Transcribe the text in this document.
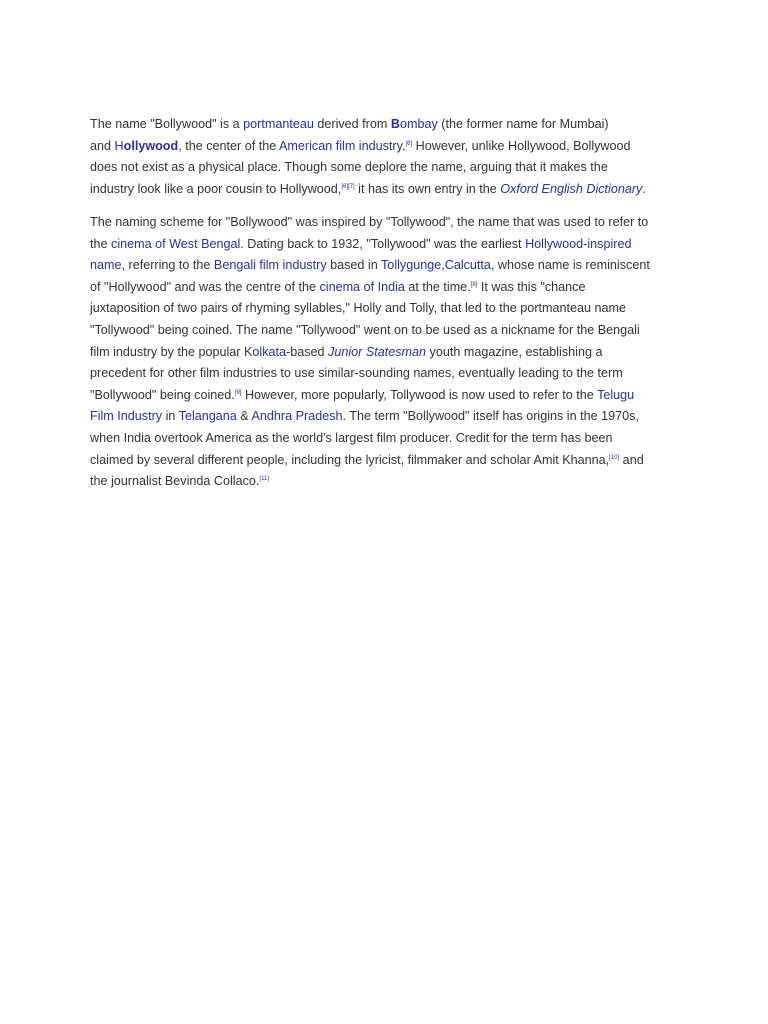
The name "Bollywood" is a portmanteau derived from Bombay (the former name for Mumbai)
and Hollywood, the center of the American film industry.[6] However, unlike Hollywood, Bollywood
does not exist as a physical place. Though some deplore the name, arguing that it makes the
industry look like a poor cousin to Hollywood,[6][7] it has its own entry in the Oxford English Dictionary.

The naming scheme for "Bollywood" was inspired by "Tollywood", the name that was used to refer to
the cinema of West Bengal. Dating back to 1932, "Tollywood" was the earliest Hollywood-inspired
name, referring to the Bengali film industry based in Tollygunge,Calcutta, whose name is reminiscent
of "Hollywood" and was the centre of the cinema of India at the time.[8] It was this "chance
juxtaposition of two pairs of rhyming syllables," Holly and Tolly, that led to the portmanteau name
"Tollywood" being coined. The name "Tollywood" went on to be used as a nickname for the Bengali
film industry by the popular Kolkata-based Junior Statesman youth magazine, establishing a
precedent for other film industries to use similar-sounding names, eventually leading to the term
"Bollywood" being coined.[9] However, more popularly, Tollywood is now used to refer to the Telugu
Film Industry in Telangana & Andhra Pradesh. The term "Bollywood" itself has origins in the 1970s,
when India overtook America as the world's largest film producer. Credit for the term has been
claimed by several different people, including the lyricist, filmmaker and scholar Amit Khanna,[10] and
the journalist Bevinda Collaco.[11]
